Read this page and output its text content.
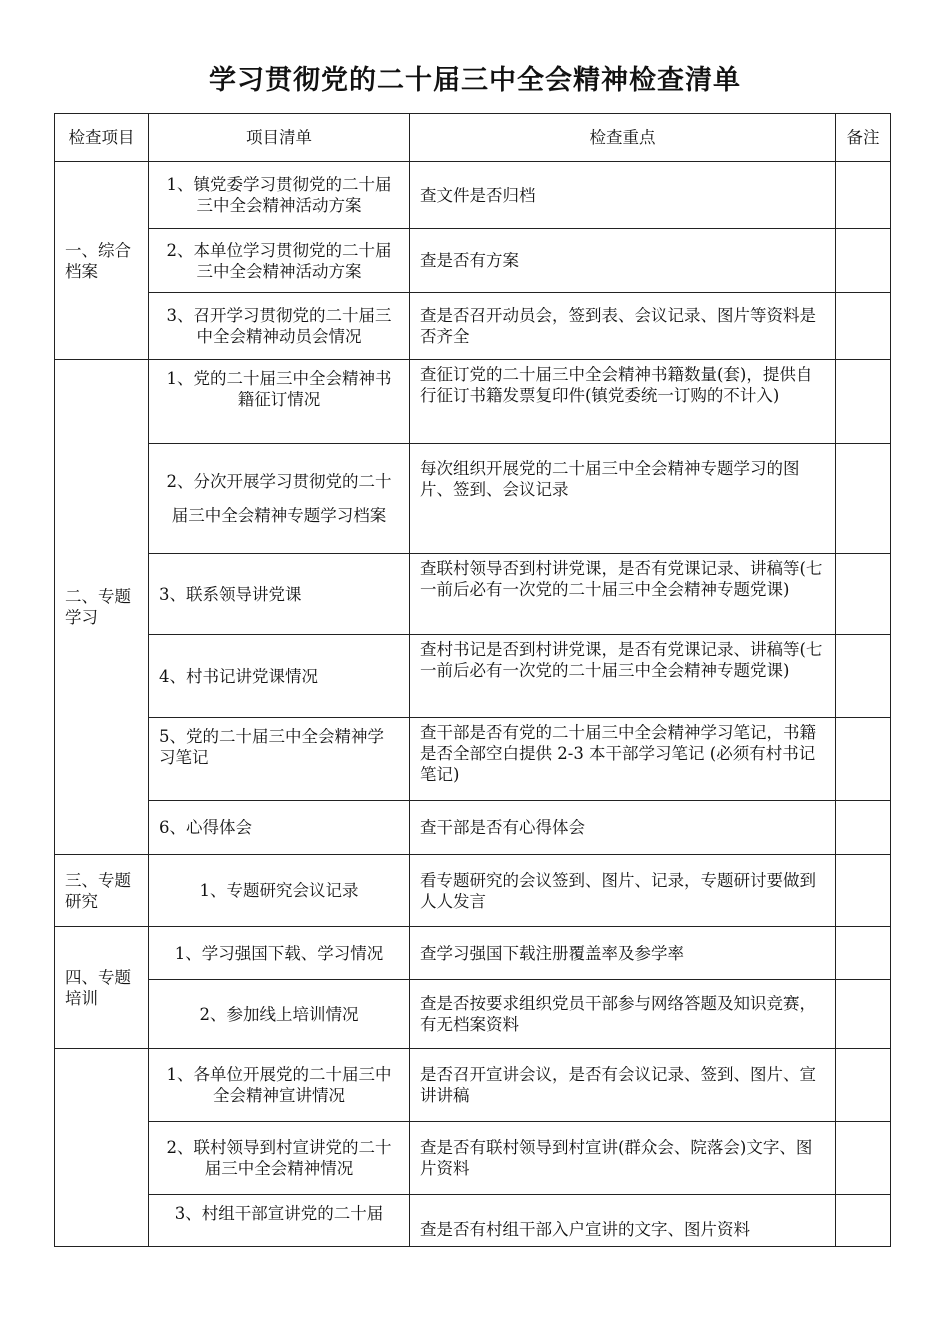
学习贯彻党的二十届三中全会精神检查清单
检查项目	项目清单	检查重点	备注
一、综合档案	1、镇党委学习贯彻党的二十届三中全会精神活动方案	查文件是否归档	
	2、本单位学习贯彻党的二十届三中全会精神活动方案	查是否有方案	
	3、召开学习贯彻党的二十届三中全会精神动员会情况	查是否召开动员会，签到表、会议记录、图片等资料是否齐全	
二、专题学习	1、党的二十届三中全会精神书籍征订情况	查征订党的二十届三中全会精神书籍数量(套)，提供自行征订书籍发票复印件(镇党委统一订购的不计入)	
	2、分次开展学习贯彻党的二十届三中全会精神专题学习档案	每次组织开展党的二十届三中全会精神专题学习的图片、签到、会议记录	
	3、联系领导讲党课	查联村领导否到村讲党课，是否有党课记录、讲稿等(七一前后必有一次党的二十届三中全会精神专题党课)	
	4、村书记讲党课情况	查村书记是否到村讲党课，是否有党课记录、讲稿等(七一前后必有一次党的二十届三中全会精神专题党课)	
	5、党的二十届三中全会精神学习笔记	查干部是否有党的二十届三中全会精神学习笔记，书籍是否全部空白提供 2-3 本干部学习笔记 (必须有村书记笔记)	
	6、心得体会	查干部是否有心得体会	
三、专题研究	1、专题研究会议记录	看专题研究的会议签到、图片、记录，专题研讨要做到人人发言	
四、专题培训	1、学习强国下载、学习情况	查学习强国下载注册覆盖率及参学率	
	2、参加线上培训情况	查是否按要求组织党员干部参与网络答题及知识竞赛，有无档案资料	
	1、各单位开展党的二十届三中全会精神宣讲情况	是否召开宣讲会议，是否有会议记录、签到、图片、宣讲讲稿	
	2、联村领导到村宣讲党的二十届三中全会精神情况	查是否有联村领导到村宣讲(群众会、院落会)文字、图片资料	
	3、村组干部宣讲党的二十届	查是否有村组干部入户宣讲的文字、图片资料	
